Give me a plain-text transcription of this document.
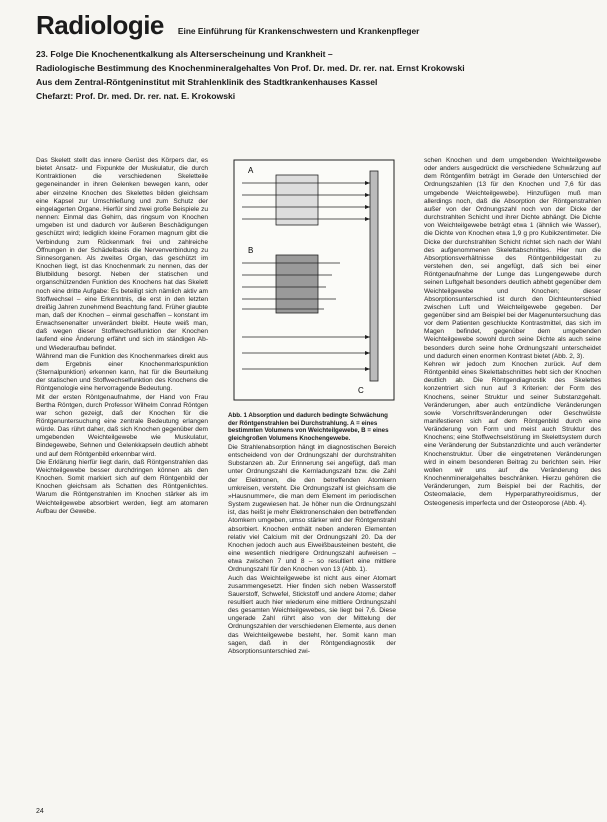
Radiologie Eine Einführung für Krankenschwestern und Krankenpfleger
23. Folge Die Knochenentkalkung als Alterserscheinung und Krankheit –
Radiologische Bestimmung des Knochenmineralgehaltes Von Prof. Dr. med. Dr. rer. nat. Ernst Krokowski
Aus dem Zentral-Röntgeninstitut mit Strahlenklinik des Stadtkrankenhauses Kassel
Chefarzt: Prof. Dr. med. Dr. rer. nat. E. Krokowski

Das Skelett stellt das innere Gerüst des Körpers dar, es bietet Ansatz- und Fixpunkte der Muskulatur, die durch Kontraktionen die verschiedenen Skeletteile gegeneinander in ihren Gelenken bewegen kann, oder aber einzelne Knochen des Skelettes bilden gleichsam eine Kapsel zur Umschließung und zum Schutz der eingelagerten Organe. Hierfür sind zwei große Beispiele zu nennen: Einmal das Gehirn, das ringsum von Knochen umgeben ist und dadurch vor äußeren Beschädigungen geschützt wird; lediglich kleine Foramen magnum gibt die Verbindung zum Rückenmark frei und zahlreiche Öffnungen in der Schädelbasis die Nervenverbindung zu Sinnesorganen. Als zweites Organ, das geschützt im Knochen liegt, ist das Knochenmark zu nennen, das der Blutbildung besorgt. Neben der statischen und organschützenden Funktion des Knochens hat das Skelett noch eine dritte Aufgabe: Es beteiligt sich nämlich aktiv am Stoffwechsel – eine Erkenntnis, die erst in den letzten dreißig Jahren zunehmend Beachtung fand. Früher glaubte man, daß der Knochen – einmal geschaffen – konstant im Erwachsenenalter unverändert bleibt. Heute weiß man, daß wegen dieser Stoffwechselfunktion der Knochen laufend eine Änderung erfährt und sich im ständigen Ab- und Wiederaufbau befindet.

Während man die Funktion des Knochenmarkes direkt aus dem Ergebnis einer Knochenmarkspunktion (Sternalpunktion) erkennen kann, hat für die Beurteilung der statischen und Stoffwechselfunktion des Knochens die Röntgenologie eine hervorragende Bedeutung.

Mit der ersten Röntgenaufnahme, der Hand von Frau Bertha Röntgen, durch Professor Wilhelm Conrad Röntgen war schon gezeigt, daß der Knochen für die Röntgenuntersuchung eine zentrale Bedeutung erlangen würde. Das rührt daher, daß sich Knochen gegenüber dem umgebenden Weichteilgewebe wie Muskulatur, Bindegewebe, Sehnen und Gelenkkapseln deutlich abhebt und auf dem Röntgenbild erkennbar wird.

Die Erklärung hierfür liegt darin, daß Röntgenstrahlen das Weichteilgewebe besser durchdringen können als den Knochen. Somit markiert sich auf dem Röntgenbild der Knochen gleichsam als Schatten des Röntgenlichtes. Warum die Röntgenstrahlen im Knochen stärker als im Weichteilgewebe absorbiert werden, liegt am atomaren Aufbau der Gewebe.

A
B
C
Abb. 1 Absorption und dadurch bedingte Schwächung der Röntgenstrahlen bei Durchstrahlung. A = eines bestimmten Volumens von Weichteilgewebe, B = eines gleichgroßen Volumens Knochengewebe.

Die Strahlenabsorption hängt im diagnostischen Bereich entscheidend von der Ordnungszahl der durchstrahlten Substanzen ab. Zur Erinnerung sei angefügt, daß man unter Ordnungszahl die Kernladungszahl bzw. die Zahl der Elektronen, die den betreffenden Atomkern umkreisen, versteht. Die Ordnungszahl ist gleichsam die »Hausnummer«, die man dem Element im periodischen System zugewiesen hat. Je höher nun die Ordnungszahl ist, das heißt je mehr Elektronenschalen den betreffenden Atomkern umgeben, umso stärker wird der Röntgenstrahl absorbiert. Knochen enthält neben anderen Elementen relativ viel Calcium mit der Ordnungszahl 20. Da der Knochen jedoch auch aus Eiweißbausteinen besteht, die eine wesentlich niedrigere Ordnungszahl aufweisen – etwa zwischen 7 und 8 – so resultiert eine mittlere Ordnungszahl für den Knochen von 13 (Abb. 1).

Auch das Weichteilgewebe ist nicht aus einer Atomart zusammengesetzt. Hier finden sich neben Wasserstoff Sauerstoff, Schwefel, Stickstoff und andere Atome; daher resultiert auch hier wiederum eine mittlere Ordnungszahl des gesamten Weichteilgewebes, sie liegt bei 7,6. Diese ungerade Zahl rührt also von der Mittelung der Ordnungszahlen der verschiedenen Elemente, aus denen das Weichteilgewebe besteht, her. Somit kann man sagen, daß in der Röntgendiagnostik der Absorptionsunterschied zwi-

schen Knochen und dem umgebenden Weichteilgewebe oder anders ausgedrückt die verschiedene Schwärzung auf dem Röntgenfilm beträgt im Gerade den Unterschied der Ordnungszahlen (13 für den Knochen und 7,6 für das umgebende Weichteilgewebe). Hinzufügen muß man allerdings noch, daß die Absorption der Röntgenstrahlen außer von der Ordnungszahl noch von der Dicke der durchstrahlten Schicht und ihrer Dichte abhängt. Die Dichte von Weichteilgewebe beträgt etwa 1 (ähnlich wie Wasser), die Dichte von Knochen etwa 1,9 g pro Kubikzentimeter. Die Dicke der durchstrahlten Schicht richtet sich nach der Wahl des aufgenommenen Skelettabschnittes. Hier nun die Absorptionsverhältnisse des Röntgenbildgestalt zu verstehen den, sei angefügt, daß sich bei einer Röntgenaufnahme der Lunge das Lungengewebe durch seinen Luftgehalt besonders deutlich abhebt gegenüber dem Weichteilgewebe und Knochen; dieser Absorptionsunterschied ist durch den Dichteunterschied zwischen Luft und Weichteilgewebe gegeben. Der gegenüber sind am Beispiel bei der Magenuntersuchung das vor dem Patienten geschluckte Kontrastmittel, das sich im Magen befindet, gegenüber dem umgebenden Weichteilgewebe sowohl durch seine Dichte als auch seine besonders durch seine hohe Ordnungszahl unterscheidet und dadurch einen enormen Kontrast bietet (Abb. 2, 3).

Kehren wir jedoch zum Knochen zurück. Auf dem Röntgenbild eines Skelettabschnittes hebt sich der Knochen deutlich ab. Die Röntgendiagnostik des Skelettes konzentriert sich nun auf 3 Kriterien: der Form des Knochens, seiner Struktur und seiner Substanzgehalt. Veränderungen, aber auch entzündliche Veränderungen sowie Vorschriftsveränderungen oder Geschwülste manifestieren sich auf dem Röntgenbild durch eine Veränderung von Form und meist auch Struktur des Knochens; eine Stoffwechselstörung im Skelettsystem durch eine Veränderung der Substanzdichte und auch veränderter Knochenstruktur. Über die eingetretenen Veränderungen wird in einem besonderen Beitrag zu berichten sein. Hier wollen wir uns auf die Veränderung des Knochenmineralgehaltes beschränken. Hierzu gehören die Veränderungen, zum Beispiel bei der Rachitis, der Osteomalacie, dem Hyperparathyreoidismus, der Osteogenesis imperfecta und der Osteoporose (Abb. 4).

24
